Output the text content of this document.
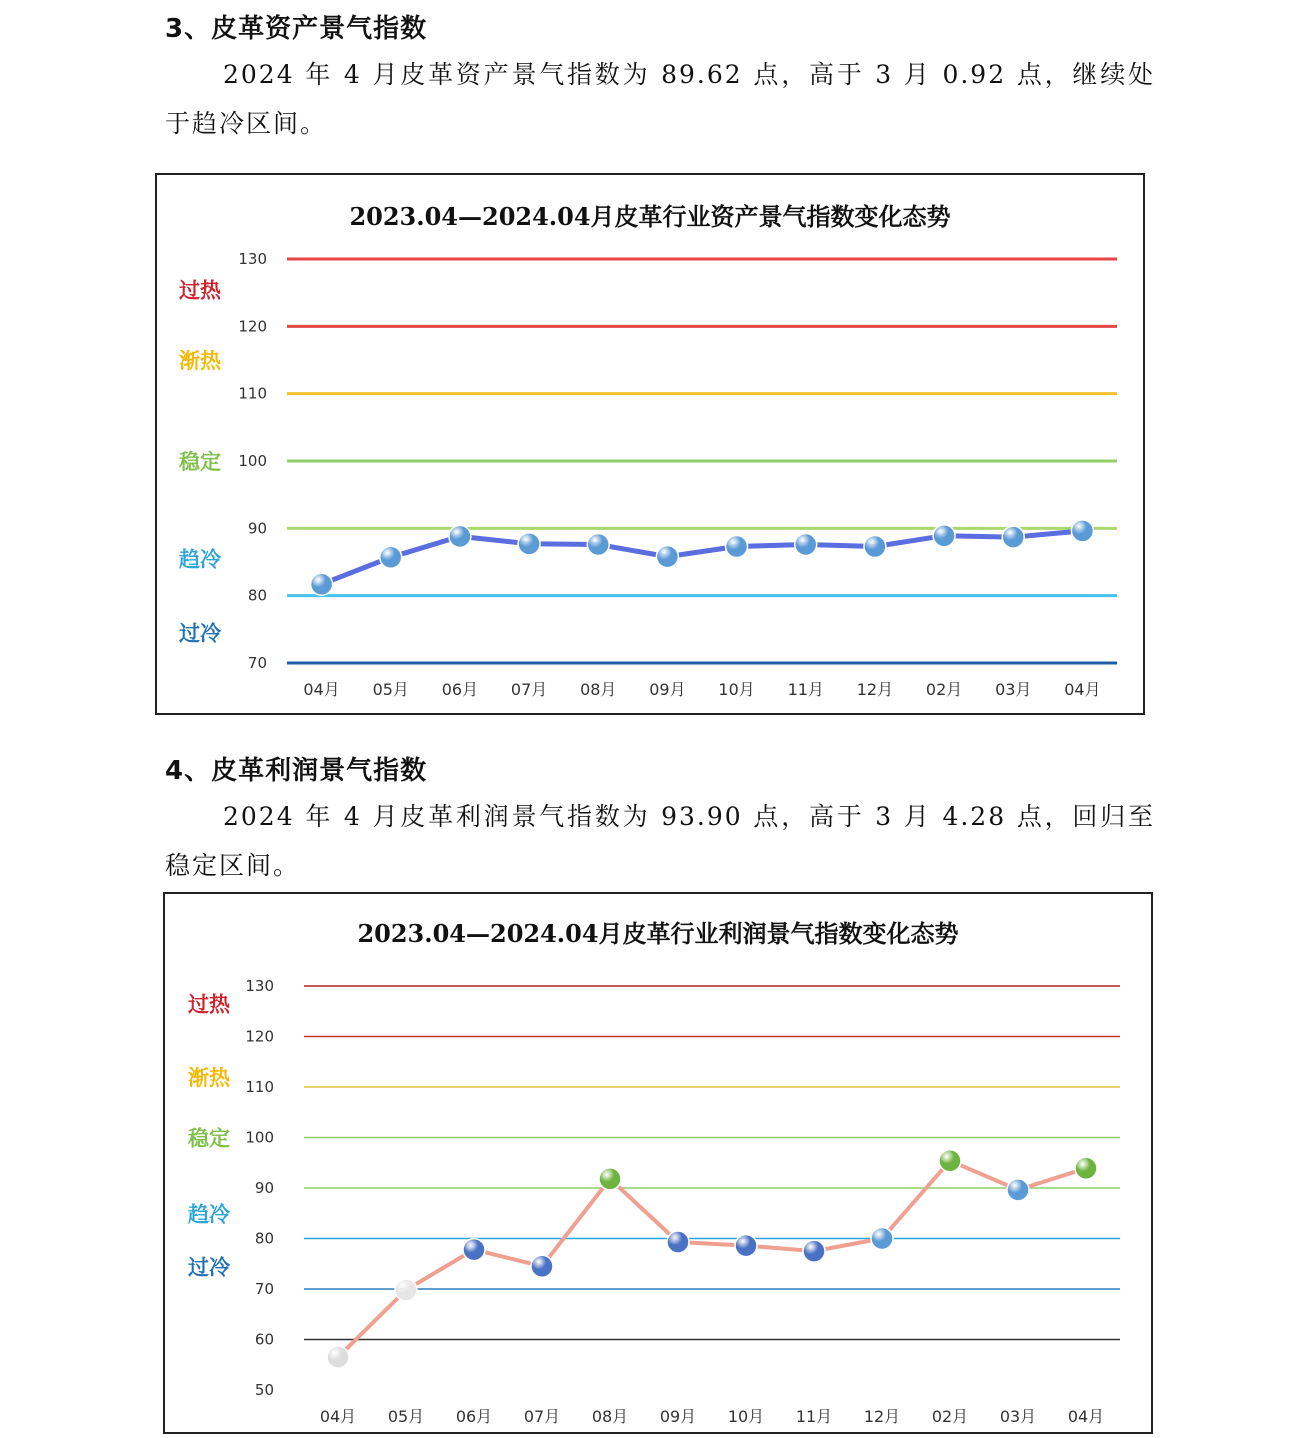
3、皮革资产景气指数
2024 年 4 月皮革资产景气指数为 89.62 点，高于 3 月 0.92 点，继续处于趋冷区间。
2023.04—2024.04月皮革行业资产景气指数变化态势
70
80
90
100
110
120
130
过热
渐热
稳定
趋冷
过冷
04月 05月 06月 07月 08月 09月 10月 11月 12月 02月 03月 04月
4、皮革利润景气指数
2024 年 4 月皮革利润景气指数为 93.90 点，高于 3 月 4.28 点，回归至稳定区间。
2023.04—2024.04月皮革行业利润景气指数变化态势
50
60
70
80
90
100
110
120
130
过热
渐热
稳定
趋冷
过冷
04月 05月 06月 07月 08月 09月 10月 11月 12月 02月 03月 04月
